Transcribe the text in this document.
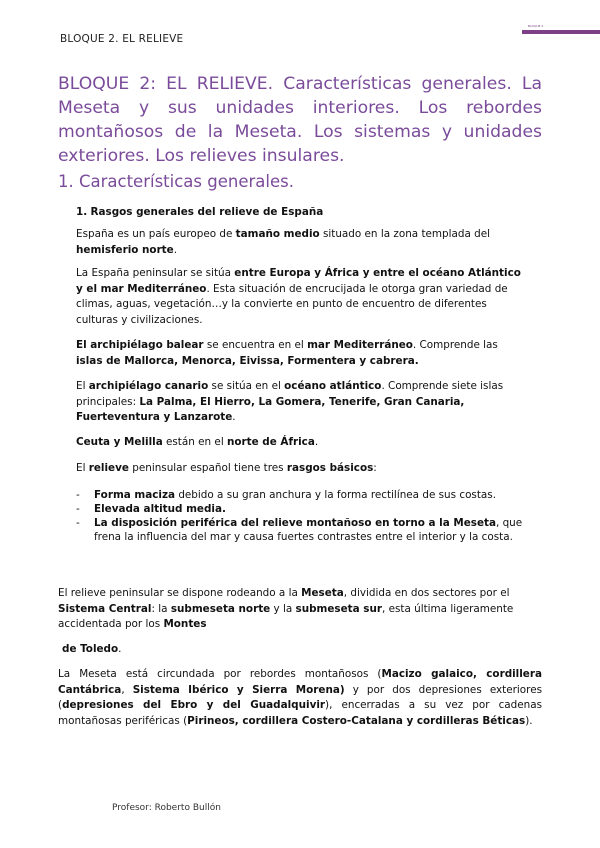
BLOQUE 2. EL RELIEVE
BLOQUE 2
BLOQUE 2: EL RELIEVE. Características generales. La Meseta y sus unidades interiores. Los rebordes montañosos de la Meseta. Los sistemas y unidades exteriores. Los relieves insulares.
1. Características generales.
1. Rasgos generales del relieve de España

España es un país europeo de tamaño medio situado en la zona templada del hemisferio norte.

La España peninsular se sitúa entre Europa y África y entre el océano Atlántico y el mar Mediterráneo. Esta situación de encrucijada le otorga gran variedad de climas, aguas, vegetación…y la convierte en punto de encuentro de diferentes culturas y civilizaciones.

El archipiélago balear se encuentra en el mar Mediterráneo. Comprende las islas de Mallorca, Menorca, Eivissa, Formentera y cabrera.

El archipiélago canario se sitúa en el océano atlántico. Comprende siete islas principales: La Palma, El Hierro, La Gomera, Tenerife, Gran Canaria, Fuerteventura y Lanzarote.

Ceuta y Melilla están en el norte de África.

El relieve peninsular español tiene tres rasgos básicos:

- Forma maciza debido a su gran anchura y la forma rectilínea de sus costas.
- Elevada altitud media.
- La disposición periférica del relieve montañoso en torno a la Meseta, que frena la influencia del mar y causa fuertes contrastes entre el interior y la costa.

El relieve peninsular se dispone rodeando a la Meseta, dividida en dos sectores por el Sistema Central: la submeseta norte y la submeseta sur, esta última ligeramente accidentada por los Montes

de Toledo.

La Meseta está circundada por rebordes montañosos (Macizo galaico, cordillera Cantábrica, Sistema Ibérico y Sierra Morena) y por dos depresiones exteriores (depresiones del Ebro y del Guadalquivir), encerradas a su vez por cadenas montañosas periféricas (Pirineos, cordillera Costero-Catalana y cordilleras Béticas).

Profesor: Roberto Bullón
